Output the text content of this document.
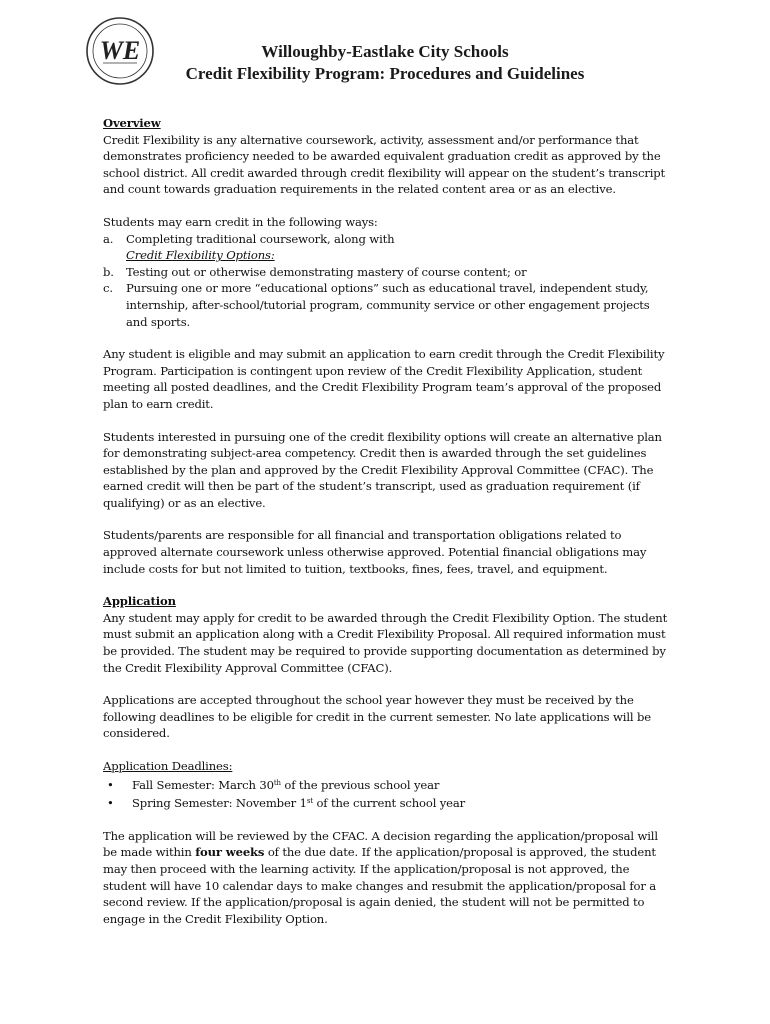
WE	Willoughby-Eastlake City Schools
Credit Flexibility Program: Procedures and Guidelines
Overview

Credit Flexibility is any alternative coursework, activity, assessment and/or performance that demonstrates proficiency needed to be awarded equivalent graduation credit as approved by the school district. All credit awarded through credit flexibility will appear on the student’s transcript and count towards graduation requirements in the related content area or as an elective.

Students may earn credit in the following ways:

a. Completing traditional coursework, along with
Credit Flexibility Options:
b. Testing out or otherwise demonstrating mastery of course content; or
c. Pursuing one or more “educational options” such as educational travel, independent study, internship, after-school/tutorial program, community service or other engagement projects and sports.

Any student is eligible and may submit an application to earn credit through the Credit Flexibility Program. Participation is contingent upon review of the Credit Flexibility Application, student meeting all posted deadlines, and the Credit Flexibility Program team’s approval of the proposed plan to earn credit.

Students interested in pursuing one of the credit flexibility options will create an alternative plan for demonstrating subject-area competency. Credit then is awarded through the set guidelines established by the plan and approved by the Credit Flexibility Approval Committee (CFAC). The earned credit will then be part of the student’s transcript, used as graduation requirement (if qualifying) or as an elective.

Students/parents are responsible for all financial and transportation obligations related to approved alternate coursework unless otherwise approved. Potential financial obligations may include costs for but not limited to tuition, textbooks, fines, fees, travel, and equipment.

Application

Any student may apply for credit to be awarded through the Credit Flexibility Option. The student must submit an application along with a Credit Flexibility Proposal. All required information must be provided. The student may be required to provide supporting documentation as determined by the Credit Flexibility Approval Committee (CFAC).

Applications are accepted throughout the school year however they must be received by the following deadlines to be eligible for credit in the current semester. No late applications will be considered.

Application Deadlines:
• Fall Semester: March 30th of the previous school year
• Spring Semester: November 1st of the current school year

The application will be reviewed by the CFAC. A decision regarding the application/proposal will be made within four weeks of the due date. If the application/proposal is approved, the student may then proceed with the learning activity. If the application/proposal is not approved, the student will have 10 calendar days to make changes and resubmit the application/proposal for a second review. If the application/proposal is again denied, the student will not be permitted to engage in the Credit Flexibility Option.
